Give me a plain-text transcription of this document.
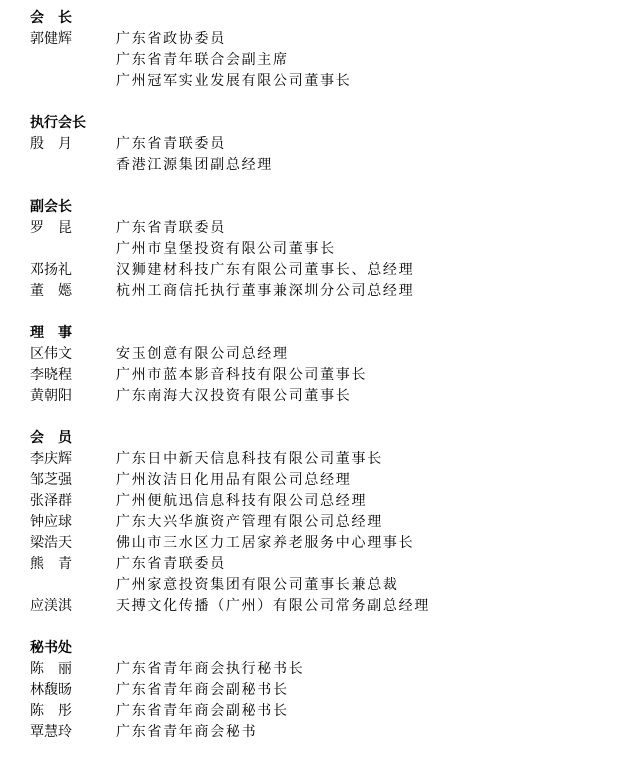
会　长
郭健辉	广东省政协委员
广东省青年联合会副主席
广州冠军实业发展有限公司董事长
执行会长
殷　月	广东省青联委员
香港江源集团副总经理
副会长
罗　昆	广东省青联委员
广州市皇堡投资有限公司董事长
邓扬礼	汉狮建材科技广东有限公司董事长、总经理
董　嫕	杭州工商信托执行董事兼深圳分公司总经理
理　事
区伟文	安玉创意有限公司总经理
李晓程	广州市蓝本影音科技有限公司董事长
黄朝阳	广东南海大汉投资有限公司董事长
会　员
李庆辉	广东日中新天信息科技有限公司董事长
邹芝强	广州汝洁日化用品有限公司总经理
张泽群	广州便航迅信息科技有限公司总经理
钟应球	广东大兴华旗资产管理有限公司总经理
梁浩天	佛山市三水区力工居家养老服务中心理事长
熊　青	广东省青联委员
广州家意投资集团有限公司董事长兼总裁
应渼淇	天搏文化传播（广州）有限公司常务副总经理
秘书处
陈　丽	广东省青年商会执行秘书长
林馥旸	广东省青年商会副秘书长
陈　彤	广东省青年商会副秘书长
覃慧玲	广东省青年商会秘书
